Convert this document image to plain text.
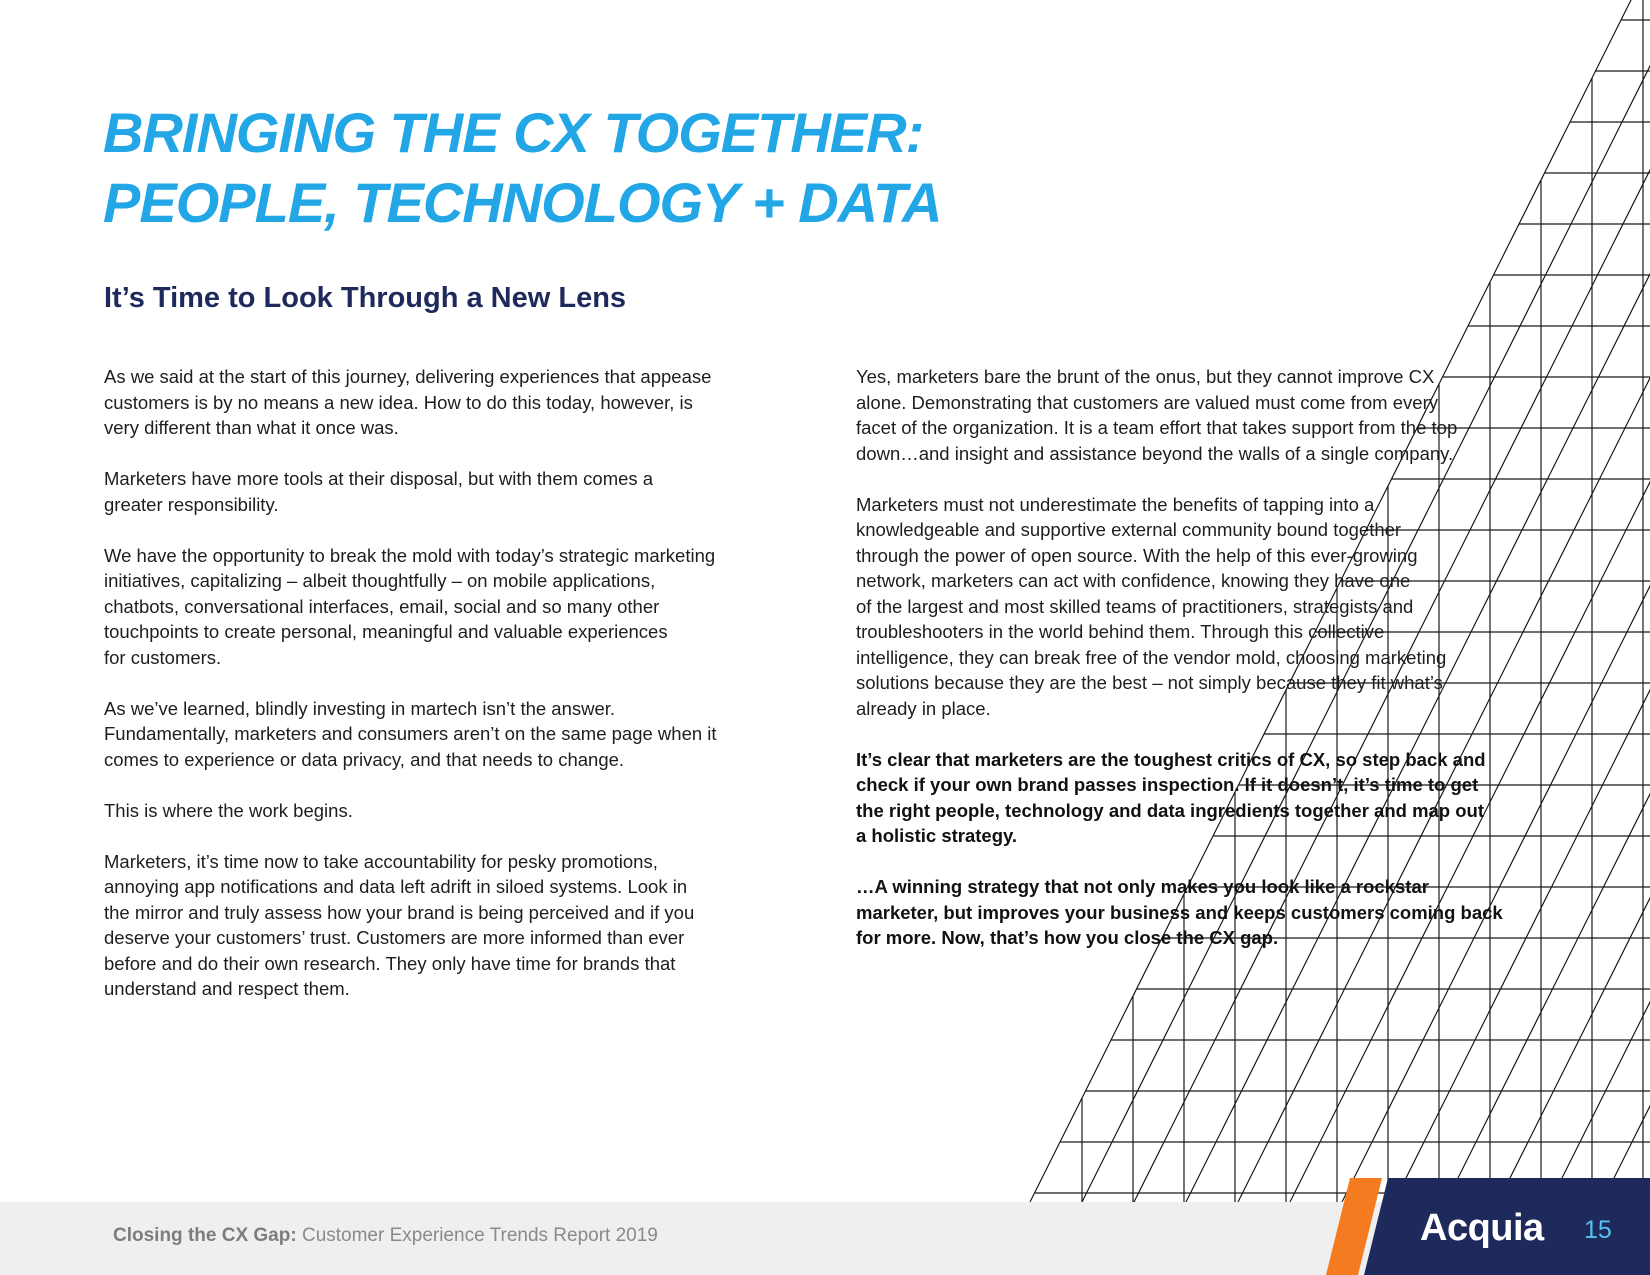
BRINGING THE CX TOGETHER:
PEOPLE, TECHNOLOGY + DATA
It’s Time to Look Through a New Lens

As we said at the start of this journey, delivering experiences that appease
customers is by no means a new idea. How to do this today, however, is
very different than what it once was.

Marketers have more tools at their disposal, but with them comes a
greater responsibility.

We have the opportunity to break the mold with today’s strategic marketing
initiatives, capitalizing – albeit thoughtfully – on mobile applications,
chatbots, conversational interfaces, email, social and so many other
touchpoints to create personal, meaningful and valuable experiences
for customers.

As we’ve learned, blindly investing in martech isn’t the answer.
Fundamentally, marketers and consumers aren’t on the same page when it
comes to experience or data privacy, and that needs to change.

This is where the work begins.

Marketers, it’s time now to take accountability for pesky promotions,
annoying app notifications and data left adrift in siloed systems. Look in
the mirror and truly assess how your brand is being perceived and if you
deserve your customers’ trust. Customers are more informed than ever
before and do their own research. They only have time for brands that
understand and respect them.

Yes, marketers bare the brunt of the onus, but they cannot improve CX
alone. Demonstrating that customers are valued must come from every
facet of the organization. It is a team effort that takes support from the top
down…and insight and assistance beyond the walls of a single company.

Marketers must not underestimate the benefits of tapping into a
knowledgeable and supportive external community bound together
through the power of open source. With the help of this ever-growing
network, marketers can act with confidence, knowing they have one
of the largest and most skilled teams of practitioners, strategists and
troubleshooters in the world behind them. Through this collective
intelligence, they can break free of the vendor mold, choosing marketing
solutions because they are the best – not simply because they fit what’s
already in place.

It’s clear that marketers are the toughest critics of CX, so step back and
check if your own brand passes inspection. If it doesn’t, it’s time to get
the right people, technology and data ingredients together and map out
a holistic strategy.

…A winning strategy that not only makes you look like a rockstar
marketer, but improves your business and keeps customers coming back
for more. Now, that’s how you close the CX gap.

Closing the CX Gap: Customer Experience Trends Report 2019	Acquia 15
